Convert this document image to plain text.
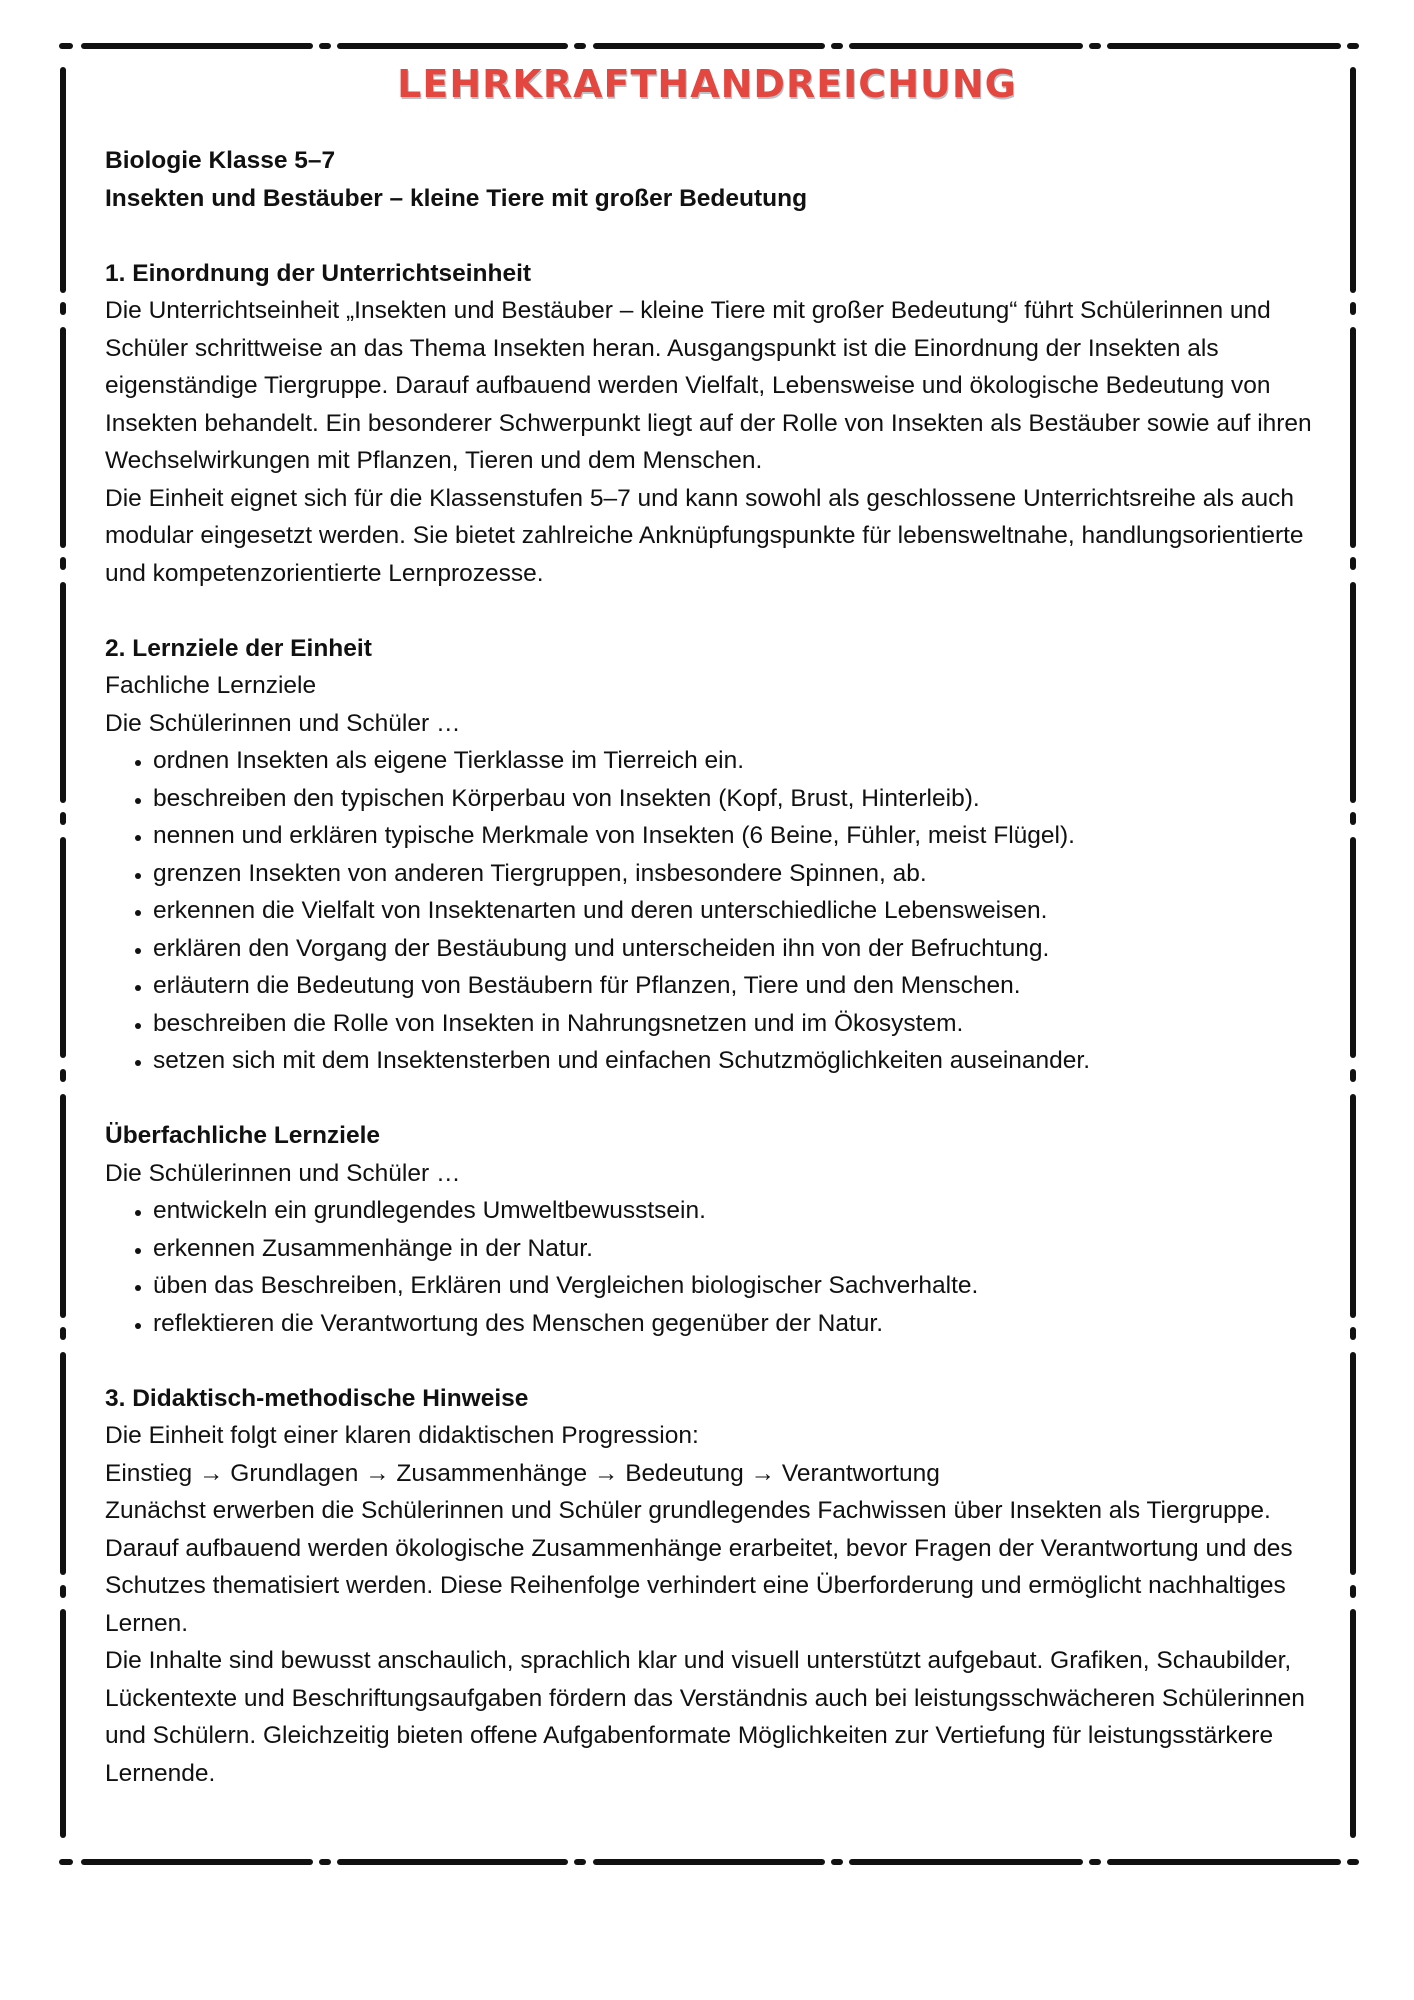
LEHRKRAFTHANDREICHUNG

Biologie Klasse 5–7

Insekten und Bestäuber – kleine Tiere mit großer Bedeutung

1. Einordnung der Unterrichtseinheit

Die Unterrichtseinheit „Insekten und Bestäuber – kleine Tiere mit großer Bedeutung“ führt Schülerinnen und Schüler schrittweise an das Thema Insekten heran. Ausgangspunkt ist die Einordnung der Insekten als eigenständige Tiergruppe. Darauf aufbauend werden Vielfalt, Lebensweise und ökologische Bedeutung von Insekten behandelt. Ein besonderer Schwerpunkt liegt auf der Rolle von Insekten als Bestäuber sowie auf ihren Wechselwirkungen mit Pflanzen, Tieren und dem Menschen.

Die Einheit eignet sich für die Klassenstufen 5–7 und kann sowohl als geschlossene Unterrichtsreihe als auch modular eingesetzt werden. Sie bietet zahlreiche Anknüpfungspunkte für lebensweltnahe, handlungsorientierte und kompetenzorientierte Lernprozesse.

2. Lernziele der Einheit

Fachliche Lernziele

Die Schülerinnen und Schüler …

• ordnen Insekten als eigene Tierklasse im Tierreich ein.
• beschreiben den typischen Körperbau von Insekten (Kopf, Brust, Hinterleib).
• nennen und erklären typische Merkmale von Insekten (6 Beine, Fühler, meist Flügel).
• grenzen Insekten von anderen Tiergruppen, insbesondere Spinnen, ab.
• erkennen die Vielfalt von Insektenarten und deren unterschiedliche Lebensweisen.
• erklären den Vorgang der Bestäubung und unterscheiden ihn von der Befruchtung.
• erläutern die Bedeutung von Bestäubern für Pflanzen, Tiere und den Menschen.
• beschreiben die Rolle von Insekten in Nahrungsnetzen und im Ökosystem.
• setzen sich mit dem Insektensterben und einfachen Schutzmöglichkeiten auseinander.

Überfachliche Lernziele

Die Schülerinnen und Schüler …

• entwickeln ein grundlegendes Umweltbewusstsein.
• erkennen Zusammenhänge in der Natur.
• üben das Beschreiben, Erklären und Vergleichen biologischer Sachverhalte.
• reflektieren die Verantwortung des Menschen gegenüber der Natur.

3. Didaktisch-methodische Hinweise

Die Einheit folgt einer klaren didaktischen Progression:

Einstieg → Grundlagen → Zusammenhänge → Bedeutung → Verantwortung

Zunächst erwerben die Schülerinnen und Schüler grundlegendes Fachwissen über Insekten als Tiergruppe. Darauf aufbauend werden ökologische Zusammenhänge erarbeitet, bevor Fragen der Verantwortung und des Schutzes thematisiert werden. Diese Reihenfolge verhindert eine Überforderung und ermöglicht nachhaltiges Lernen.

Die Inhalte sind bewusst anschaulich, sprachlich klar und visuell unterstützt aufgebaut. Grafiken, Schaubilder, Lückentexte und Beschriftungsaufgaben fördern das Verständnis auch bei leistungsschwächeren Schülerinnen und Schülern. Gleichzeitig bieten offene Aufgabenformate Möglichkeiten zur Vertiefung für leistungsstärkere Lernende.
